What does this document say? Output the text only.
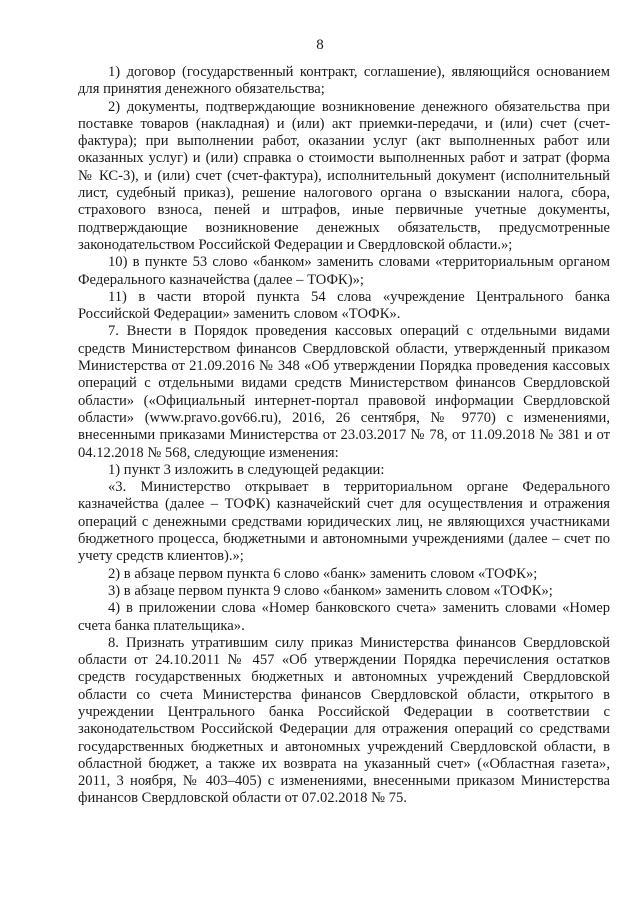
8

1) договор (государственный контракт, соглашение), являющийся основанием для принятия денежного обязательства;

2) документы, подтверждающие возникновение денежного обязательства при поставке товаров (накладная) и (или) акт приемки-передачи, и (или) счет (счет-фактура); при выполнении работ, оказании услуг (акт выполненных работ или оказанных услуг) и (или) справка о стоимости выполненных работ и затрат (форма № КС-3), и (или) счет (счет-фактура), исполнительный документ (исполнительный лист, судебный приказ), решение налогового органа о взыскании налога, сбора, страхового взноса, пеней и штрафов, иные первичные учетные документы, подтверждающие возникновение денежных обязательств, предусмотренные законодательством Российской Федерации и Свердловской области.»;

10) в пункте 53 слово «банком» заменить словами «территориальным органом Федерального казначейства (далее – ТОФК)»;

11) в части второй пункта 54 слова «учреждение Центрального банка Российской Федерации» заменить словом «ТОФК».

7. Внести в Порядок проведения кассовых операций с отдельными видами средств Министерством финансов Свердловской области, утвержденный приказом Министерства от 21.09.2016 № 348 «Об утверждении Порядка проведения кассовых операций с отдельными видами средств Министерством финансов Свердловской области» («Официальный интернет-портал правовой информации Свердловской области» (www.pravo.gov66.ru), 2016, 26 сентября, № 9770) с изменениями, внесенными приказами Министерства от 23.03.2017 № 78, от 11.09.2018 № 381 и от 04.12.2018 № 568, следующие изменения:

1) пункт 3 изложить в следующей редакции:

«3. Министерство открывает в территориальном органе Федерального казначейства (далее – ТОФК) казначейский счет для осуществления и отражения операций с денежными средствами юридических лиц, не являющихся участниками бюджетного процесса, бюджетными и автономными учреждениями (далее – счет по учету средств клиентов).»;

2) в абзаце первом пункта 6 слово «банк» заменить словом «ТОФК»;

3) в абзаце первом пункта 9 слово «банком» заменить словом «ТОФК»;

4) в приложении слова «Номер банковского счета» заменить словами «Номер счета банка плательщика».

8. Признать утратившим силу приказ Министерства финансов Свердловской области от 24.10.2011 № 457 «Об утверждении Порядка перечисления остатков средств государственных бюджетных и автономных учреждений Свердловской области со счета Министерства финансов Свердловской области, открытого в учреждении Центрального банка Российской Федерации в соответствии с законодательством Российской Федерации для отражения операций со средствами государственных бюджетных и автономных учреждений Свердловской области, в областной бюджет, а также их возврата на указанный счет» («Областная газета», 2011, 3 ноября, № 403–405) с изменениями, внесенными приказом Министерства финансов Свердловской области от 07.02.2018 № 75.
